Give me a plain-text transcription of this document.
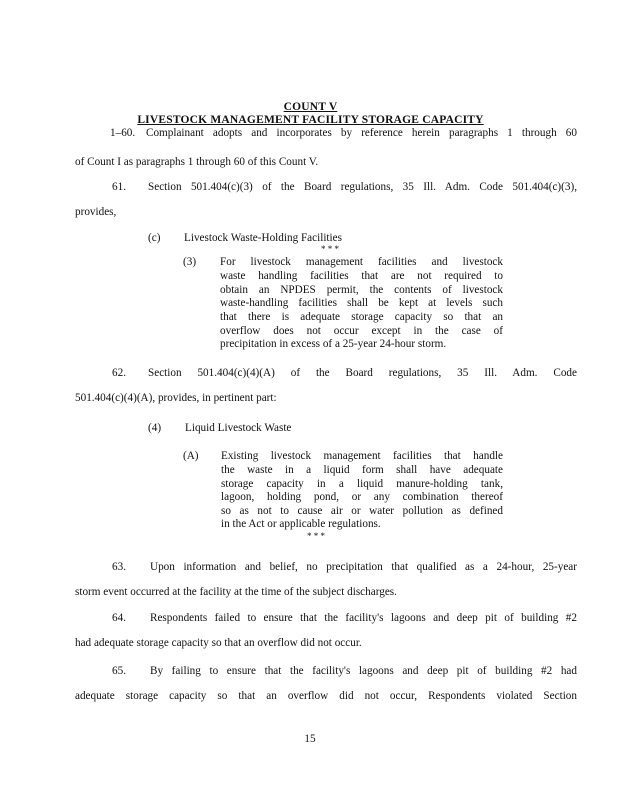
COUNT V
LIVESTOCK MANAGEMENT FACILITY STORAGE CAPACITY
1–60. Complainant adopts and incorporates by reference herein paragraphs 1 through 60
of Count I as paragraphs 1 through 60 of this Count V.
61. Section 501.404(c)(3) of the Board regulations, 35 Ill. Adm. Code 501.404(c)(3),
provides,
(c) Livestock Waste-Holding Facilities
* * *
(3) For livestock management facilities and livestock
waste handling facilities that are not required to
obtain an NPDES permit, the contents of livestock
waste-handling facilities shall be kept at levels such
that there is adequate storage capacity so that an
overflow does not occur except in the case of
precipitation in excess of a 25-year 24-hour storm.
62. Section 501.404(c)(4)(A) of the Board regulations, 35 Ill. Adm. Code
501.404(c)(4)(A), provides, in pertinent part:
(4) Liquid Livestock Waste
(A) Existing livestock management facilities that handle
the waste in a liquid form shall have adequate
storage capacity in a liquid manure-holding tank,
lagoon, holding pond, or any combination thereof
so as not to cause air or water pollution as defined
in the Act or applicable regulations.
* * *
63. Upon information and belief, no precipitation that qualified as a 24-hour, 25-year
storm event occurred at the facility at the time of the subject discharges.
64. Respondents failed to ensure that the facility's lagoons and deep pit of building #2
had adequate storage capacity so that an overflow did not occur.
65. By failing to ensure that the facility's lagoons and deep pit of building #2 had
adequate storage capacity so that an overflow did not occur, Respondents violated Section
15
